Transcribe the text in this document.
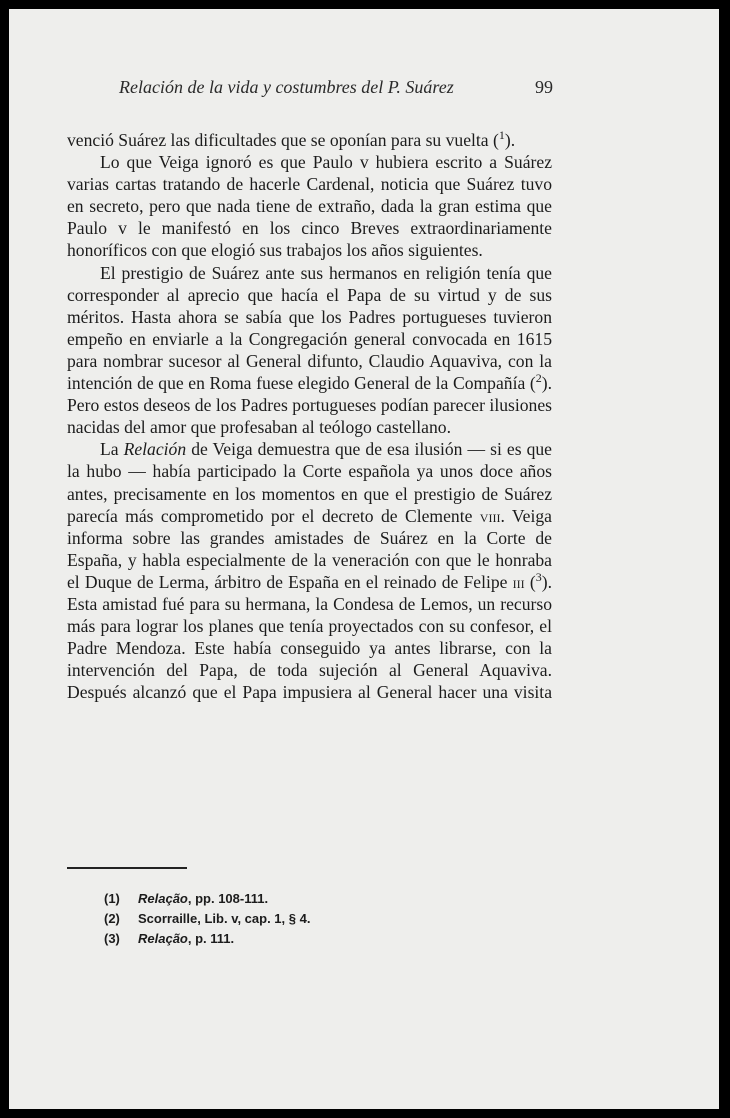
Relación de la vida y costumbres del P. Suárez	99

venció Suárez las dificultades que se oponían para su vuelta ($^1$).

Lo que Veiga ignoró es que Paulo v hubiera escrito a Suárez varias cartas tratando de hacerle Cardenal, noticia que Suárez tuvo en secreto, pero que nada tiene de extraño, dada la gran estima que Paulo v le manifestó en los cinco Breves extraordinariamente honoríficos con que elogió sus trabajos los años siguientes.

El prestigio de Suárez ante sus hermanos en religión tenía que corresponder al aprecio que hacía el Papa de su virtud y de sus méritos. Hasta ahora se sabía que los Padres portugueses tuvieron empeño en enviarle a la Congregación general convocada en 1615 para nombrar sucesor al General difunto, Claudio Aquaviva, con la intención de que en Roma fuese elegido General de la Compañía ($^2$). Pero estos deseos de los Padres portugueses podían parecer ilusiones nacidas del amor que profesaban al teólogo castellano.

La Relación de Veiga demuestra que de esa ilusión — si es que la hubo — había participado la Corte española ya unos doce años antes, precisamente en los momentos en que el prestigio de Suárez parecía más comprometido por el decreto de Clemente viii. Veiga informa sobre las grandes amistades de Suárez en la Corte de España, y habla especialmente de la veneración con que le honraba el Duque de Lerma, árbitro de España en el reinado de Felipe iii ($^3$). Esta amistad fué para su hermana, la Condesa de Lemos, un recurso más para lograr los planes que tenía proyectados con su confesor, el Padre Mendoza. Este había conseguido ya antes librarse, con la intervención del Papa, de toda sujeción al General Aquaviva. Después alcanzó que el Papa impusiera al General hacer una visita

(1) Relação, pp. 108-111.
(2) Scorraille, Lib. v, cap. 1, § 4.
(3) Relação, p. 111.
